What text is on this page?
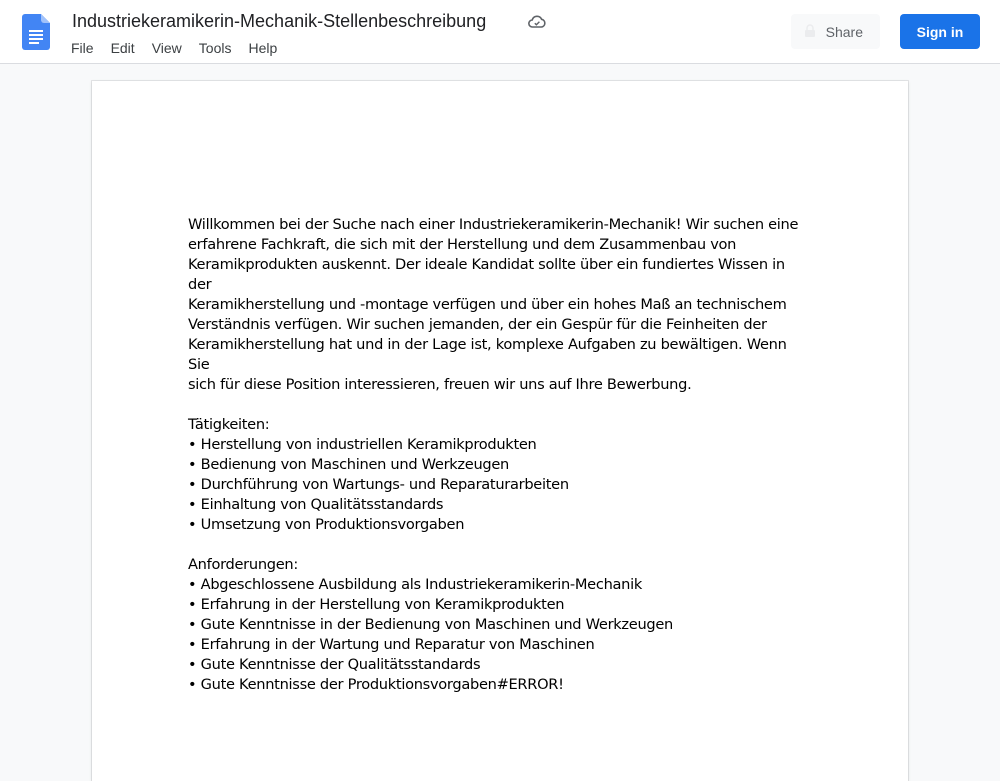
Industriekeramikerin-Mechanik-Stellenbeschreibung
File Edit View Tools Help
Share	Sign in

Willkommen bei der Suche nach einer Industriekeramikerin-Mechanik! Wir suchen eine

erfahrene Fachkraft, die sich mit der Herstellung und dem Zusammenbau von

Keramikprodukten auskennt. Der ideale Kandidat sollte über ein fundiertes Wissen in der

Keramikherstellung und -montage verfügen und über ein hohes Maß an technischem

Verständnis verfügen. Wir suchen jemanden, der ein Gespür für die Feinheiten der

Keramikherstellung hat und in der Lage ist, komplexe Aufgaben zu bewältigen. Wenn Sie

sich für diese Position interessieren, freuen wir uns auf Ihre Bewerbung.

Tätigkeiten:

• Herstellung von industriellen Keramikprodukten

• Bedienung von Maschinen und Werkzeugen

• Durchführung von Wartungs- und Reparaturarbeiten

• Einhaltung von Qualitätsstandards

• Umsetzung von Produktionsvorgaben

Anforderungen:

• Abgeschlossene Ausbildung als Industriekeramikerin-Mechanik

• Erfahrung in der Herstellung von Keramikprodukten

• Gute Kenntnisse in der Bedienung von Maschinen und Werkzeugen

• Erfahrung in der Wartung und Reparatur von Maschinen

• Gute Kenntnisse der Qualitätsstandards

• Gute Kenntnisse der Produktionsvorgaben#ERROR!
